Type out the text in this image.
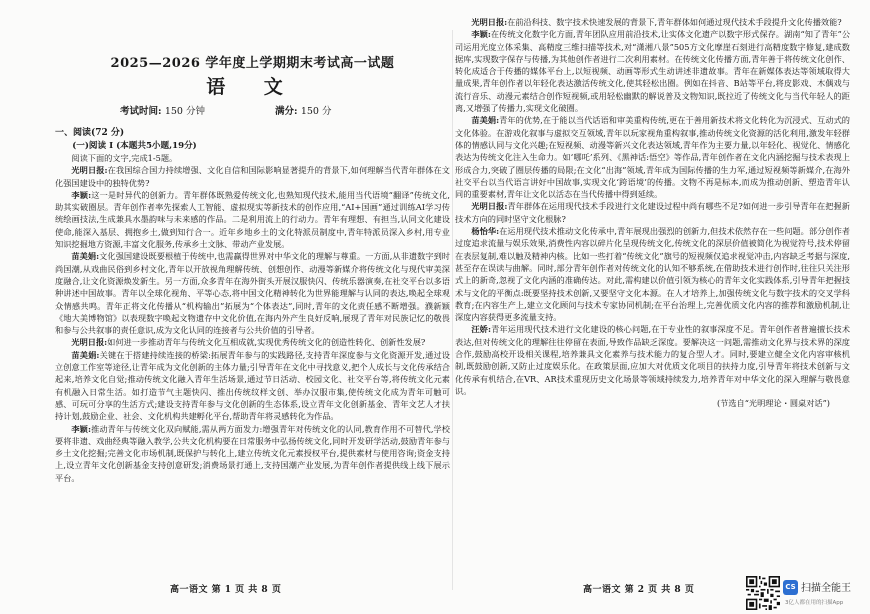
2025—2026 学年度上学期期末考试高一试题
语 文
考试时间: 150 分钟	满分: 150 分

一、阅读(72 分)

(一)阅读 I (本题共5小题,19分)

阅读下面的文字,完成1-5题。

光明日报:在我国综合国力持续增强、文化自信和国际影响显著提升的背景下,如何理解当代青年群体在文化强国建设中的独特优势?

李颖:这一是时异代的创新力。青年群体既熟爱传统文化,也熟知现代技术,能用当代语境“翻译”传统文化,助其实破圈层。青年创作者率先探索人工智能、虚拟现实等新技术的创作应用,“AI+国画”通过训练AI学习传统绘画技法,生成兼具水墨韵味与未来感的作品。二是利用流上的行动力。青年有理想、有担当,认同文化建设使命,能深入基层、拥抱乡土,做到知行合一。近年乡地乡土的文化特派员制度中,青年特派员深入乡村,用专业知识挖掘地方资源,丰富文化服务,传承乡土文脉、带动产业发展。

苗美娟:文化强国建设既要根植于传统中,也需赢得世界对中华文化的理解与尊重。一方面,从非遗数字到时尚国潮,从戏曲民俗到乡村文化,青年以开放视角理解传统、创想创作、动漫等新媒介将传统文化与现代审美深度融合,让文化资源焕发新生。另一方面,众多青年在海外街头开展汉服快闪、传统乐器演奏,在社交平台以多语种讲述中国故事。青年以全球化视角、平等心态,将中国文化精神转化为世界能理解与认同的表达,唤起全球观众情感共鸣。青年正将文化传播从“机构输出”拓展为“个体表达”,同时,青年的文化责任感不断增强。濮新颖《地大美博物馆》以表现数字唤起文物遗存中文化价值,在海内外产生良好反响,展现了青年对民族记忆的敬畏和参与公共叙事的责任意识,成为文化认同的连接者与公共价值的引导者。

光明日报:如何进一步推动青年与传统文化互相成就,实现优秀传统文化的创造性转化、创新性发展?

苗美娟:关键在于搭建持续连接的桥梁:拓展青年参与的实践路径,支持青年深度参与文化资源开发,通过设立创意工作室等途径,让青年成为文化创新的主体力量;引导青年在文化中寻找意义,把个人成长与文化传承结合起来,培养文化自觉;推动传统文化融入青年生活场景,通过节日活动、校园文化、社交平台等,将传统文化元素有机融入日常生活。如打造节气主题快闪、推出传统纹样文创、举办汉服市集,使传统文化成为青年可触可感、可玩可分享的生活方式;建设支持青年参与文化创新的生态体系,设立青年文化创新基金、青年文艺人才扶持计划,鼓励企业、社会、文化机构共建孵化平台,帮助青年将灵感转化为作品。

李颖:推动青年与传统文化双向赋能,需从两方面发力:增强青年对传统文化的认同,教育作用不可替代,学校要将非遗、戏曲经典等融入教学,公共文化机构要在日常服务中弘扬传统文化,同时开发研学活动,鼓励青年参与乡土文化挖掘;完善文化市场机制,既保护与转化上,建立传统文化元素授权平台,提供素材与使用咨询;资金支持上,设立青年文化创新基金支持创意研发;消费场景打通上,支持国潮产业发展,为青年创作者提供线上线下展示平台。

光明日报:在前沿科技、数字技术快速发展的背景下,青年群体如何通过现代技术手段提升文化传播效能?

李颖:在传统文化数字化方面,青年团队应用前沿技术,让实体文化遗产以数字形式保存。湖南“知了青年”公司运用光度立体采集、高精度三维扫描等技术,对“潇湘八景”505方文化摩崖石刻进行高精度数字修复,建成数据库,实现数字保存与传播,为其他创作者进行二次利用素材。在传统文化传播方面,青年善于将传统文化创作、转化成适合于传播的媒体平台上,以短视频、动画等形式生动讲述非遗故事。青年在新媒体表达等领域取得大量成果,青年创作者以年轻化表达激活传统文化,使其轻松出圈。例如在抖音、B站等平台,将皮影戏、木偶戏与流行音乐、动漫元素结合创作短视频,或用轻松幽默的解说普及文物知识,既拉近了传统文化与当代年轻人的距离,又增强了传播力,实现文化破圈。

苗美娟:青年的优势,在于能以当代话语和审美重构传统,更在于善用新技术将文化转化为沉浸式、互动式的文化体验。在游戏化叙事与虚拟交互领域,青年以玩家视角重构叙事,推动传统文化资源的活化利用,激发年轻群体的情感认同与文化兴趣;在短视频、动漫等新兴文化表达领域,青年作为主要力量,以年轻化、视觉化、情感化表达为传统文化注入生命力。如‘哪吒’系列、《黑神话:悟空》等作品,青年创作者在文化内涵挖掘与技术表现上形成合力,突破了圈层传播的局限;在文化“出海”领域,青年成为国际传播的生力军,通过短视频等新媒介,在海外社交平台以当代语言讲好中国故事,实现文化‘跨语境’的传播。文物不再是标本,而成为推动创新、塑造青年认同的重要素材,青年让文化以活态在当代传播中得到延续。

光明日报:青年群体在运用现代技术手段进行文化建设过程中尚有哪些不足?如何进一步引导青年在把握新技术方向的同时坚守文化根脉?

杨怡华:在运用现代技术推动文化传承中,青年展现出强烈的创新力,但技术依然存在一些问题。部分创作者过度追求流量与娱乐效果,消费性内容以碎片化呈现传统文化,传统文化的深层价值被简化为视觉符号,技术停留在表层复制,难以触及精神内核。比如一些打着“传统文化”旗号的短视频仅追求视觉冲击,内容缺乏考据与深度,甚至存在误读与曲解。同时,部分青年创作者对传统文化的认知不够系统,在借助技术进行创作时,往往只关注形式上的新奇,忽视了文化内涵的准确传达。对此,需构建以价值引领为核心的青年文化实践体系,引导青年把握技术与文化的平衡点:既要坚持技术创新,又要坚守文化本源。在人才培养上,加强传统文化与数字技术的交叉学科教育;在内容生产上,建立文化顾问与技术专家协同机制;在平台治理上,完善优质文化内容的推荐和激励机制,让深度内容获得更多流量支持。

汪娇:青年运用现代技术进行文化建设的核心问题,在于专业性的叙事深度不足。青年创作者普遍擅长技术表达,但对传统文化的理解往往停留在表面,导致作品缺乏深度。要解决这一问题,需推动文化界与技术界的深度合作,鼓励高校开设相关课程,培养兼具文化素养与技术能力的复合型人才。同时,要建立健全文化内容审核机制,既鼓励创新,又防止过度娱乐化。在政策层面,应加大对优质文化项目的扶持力度,引导青年将技术创新与文化传承有机结合,在VR、AR技术重现历史文化场景等领域持续发力,培养青年对中华文化的深入理解与敬畏意识。

(节选自“光明理论・圆桌对话”)

高一语文 第 1 页 共 8 页	高一语文 第 2 页 共 8 页	CS 扫描全能王
3亿人都在用的扫描App
